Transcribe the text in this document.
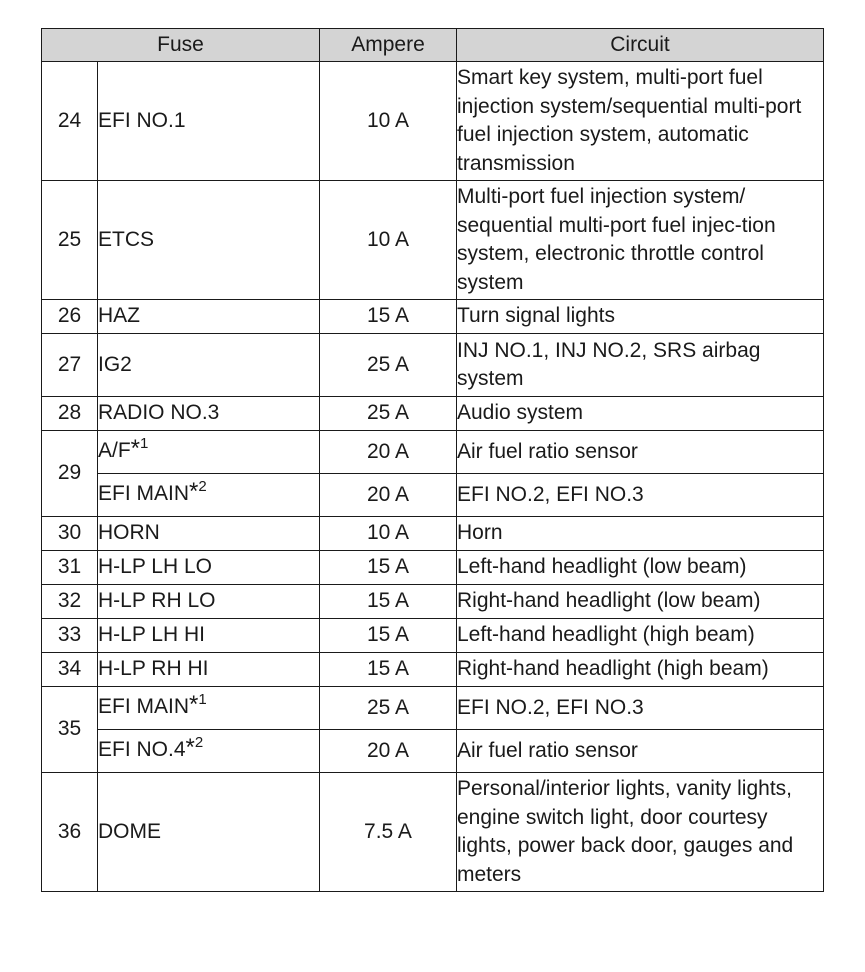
Fuse		Ampere	Circuit
24	EFI NO.1	10 A	Smart key system, multi-port fuel injection system/sequential multi-port fuel injection system, automatic transmission
25	ETCS	10 A	Multi-port fuel injection system/ sequential multi-port fuel injec-tion system, electronic throttle control system
26	HAZ	15 A	Turn signal lights
27	IG2	25 A	INJ NO.1, INJ NO.2, SRS airbag system
28	RADIO NO.3	25 A	Audio system
29	A/F*$^1$	20 A	Air fuel ratio sensor
	EFI MAIN*$^2$	20 A	EFI NO.2, EFI NO.3
30	HORN	10 A	Horn
31	H-LP LH LO	15 A	Left-hand headlight (low beam)
32	H-LP RH LO	15 A	Right-hand headlight (low beam)
33	H-LP LH HI	15 A	Left-hand headlight (high beam)
34	H-LP RH HI	15 A	Right-hand headlight (high beam)
35	EFI MAIN*$^1$	25 A	EFI NO.2, EFI NO.3
	EFI NO.4*$^2$	20 A	Air fuel ratio sensor
36	DOME	7.5 A	Personal/interior lights, vanity lights, engine switch light, door courtesy lights, power back door, gauges and meters
